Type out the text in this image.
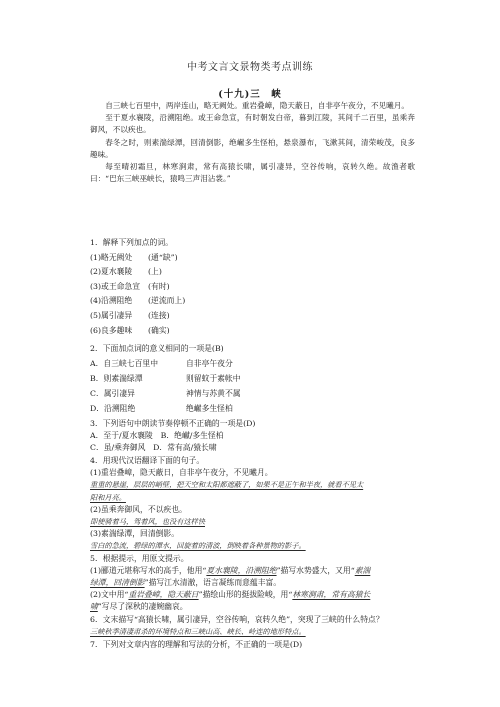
中考文言文景物类考点训练
(十九)三　峡

自三峡七百里中，两岸连山，略无阙处。重岩叠嶂，隐天蔽日，自非亭午夜分，不见曦月。

至于夏水襄陵，沿溯阻绝。或王命急宣，有时朝发白帝，暮到江陵，其间千二百里，虽乘奔御风，不以疾也。

春冬之时，则素湍绿潭，回清倒影，绝𪩘多生怪柏，悬泉瀑布，飞漱其间，清荣峻茂，良多趣味。

每至晴初霜旦，林寒涧肃，常有高猿长啸，属引凄异，空谷传响，哀转久绝。故渔者歌曰：“巴东三峡巫峡长，猿鸣三声泪沾裳。”

1．解释下列加点的词。
(1)略无阙处 (通“缺”)
(2)夏水襄陵 (上)
(3)或王命急宣 (有时)
(4)沿溯阻绝 (逆流而上)
(5)属引凄异 (连接)
(6)良多趣味 (确实)
2．下面加点词的意义相同的一项是(B)
A．自三峡七百里中	自非亭午夜分
B．则素湍绿潭	则留蚊于素帐中
C．属引凄异	神情与苏黄不属
D．沿溯阻绝	绝𪩘多生怪柏
3．下列语句中朗读节奏停顿不正确的一项是(D)
A．至于/夏水襄陵　B．绝𪩘/多生怪柏
C．虽/乘奔御风　D．常有高/猿长啸
4．用现代汉语翻译下面的句子。
(1)重岩叠嶂，隐天蔽日，自非亭午夜分，不见曦月。
重重的悬崖，层层的峭壁，把天空和太阳都遮蔽了，如果不是正午和半夜，就看不见太
阳和月亮。
(2)虽乘奔御风，不以疾也。
即使骑着马，驾着风，也没有这样快
(3)素湍绿潭，回清倒影。
雪白的急流，碧绿的潭水，回旋着的清波，倒映着各种景物的影子。
5．根据提示，用原文提示。
(1)郦道元堪称写水的高手，他用“夏水襄陵，沿溯阻绝”描写水势盛大，又用“素湍
绿潭，回清倒影”描写江水清澈，语言凝练而意蕴丰富。
(2)文中用“重岩叠嶂，隐天蔽日”描绘山形的挺拔险峻，用“林寒涧肃，常有高猿长
啸”写尽了深秋的凄婉幽哀。
6．文末描写“高猿长啸，属引凄异，空谷传响，哀转久绝”，突现了三峡的什么特点？
三峡秋季清凄肃杀的环境特点和三峡山高、峡长、岭连的地形特点。
7．下列对文章内容的理解和写法的分析，不正确的一项是(D)
